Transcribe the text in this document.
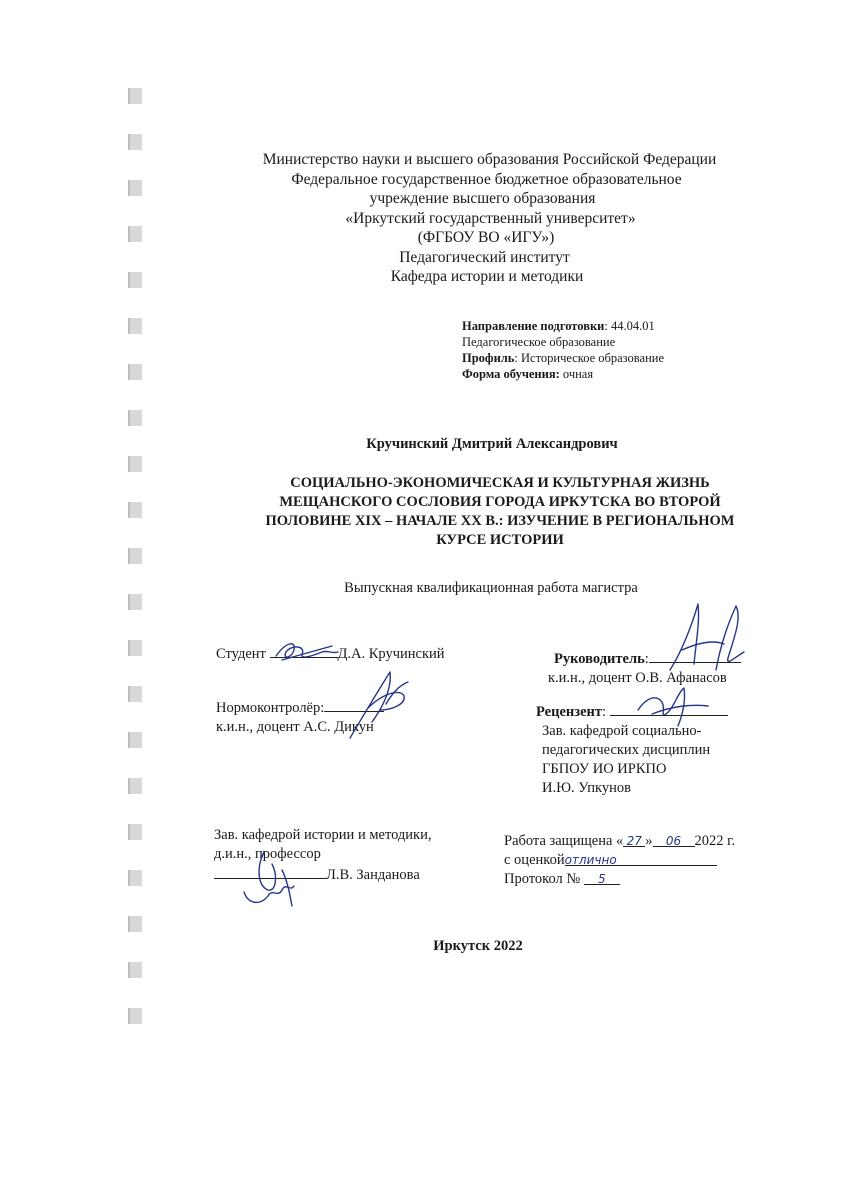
Министерство науки и высшего образования Российской Федерации
Федеральное государственное бюджетное образовательное
учреждение высшего образования
«Иркутский государственный университет»
(ФГБОУ ВО «ИГУ»)
Педагогический институт
Кафедра истории и методики
Направление подготовки: 44.04.01
Педагогическое образование
Профиль: Историческое образование
Форма обучения: очная
Кручинский Дмитрий Александрович
СОЦИАЛЬНО-ЭКОНОМИЧЕСКАЯ И КУЛЬТУРНАЯ ЖИЗНЬ
МЕЩАНСКОГО СОСЛОВИЯ ГОРОДА ИРКУТСКА ВО ВТОРОЙ
ПОЛОВИНЕ XIX – НАЧАЛЕ XX В.: ИЗУЧЕНИЕ В РЕГИОНАЛЬНОМ
КУРСЕ ИСТОРИИ
Выпускная квалификационная работа магистра
Студент	Д.А. Кручинский	Руководитель:
к.и.н., доцент О.В. Афанасов
Нормоконтролёр:
к.и.н., доцент А.С. Дикун
Рецензент:
Зав. кафедрой социально-
педагогических дисциплин
ГБПОУ ИО ИРКПО
И.Ю. Упкунов
Зав. кафедрой истории и методики,
д.и.н., профессор
Л.В. Занданова
Работа защищена « 27 » 06 2022 г.
с оценкойотлично
Протокол № 5
Иркутск 2022
